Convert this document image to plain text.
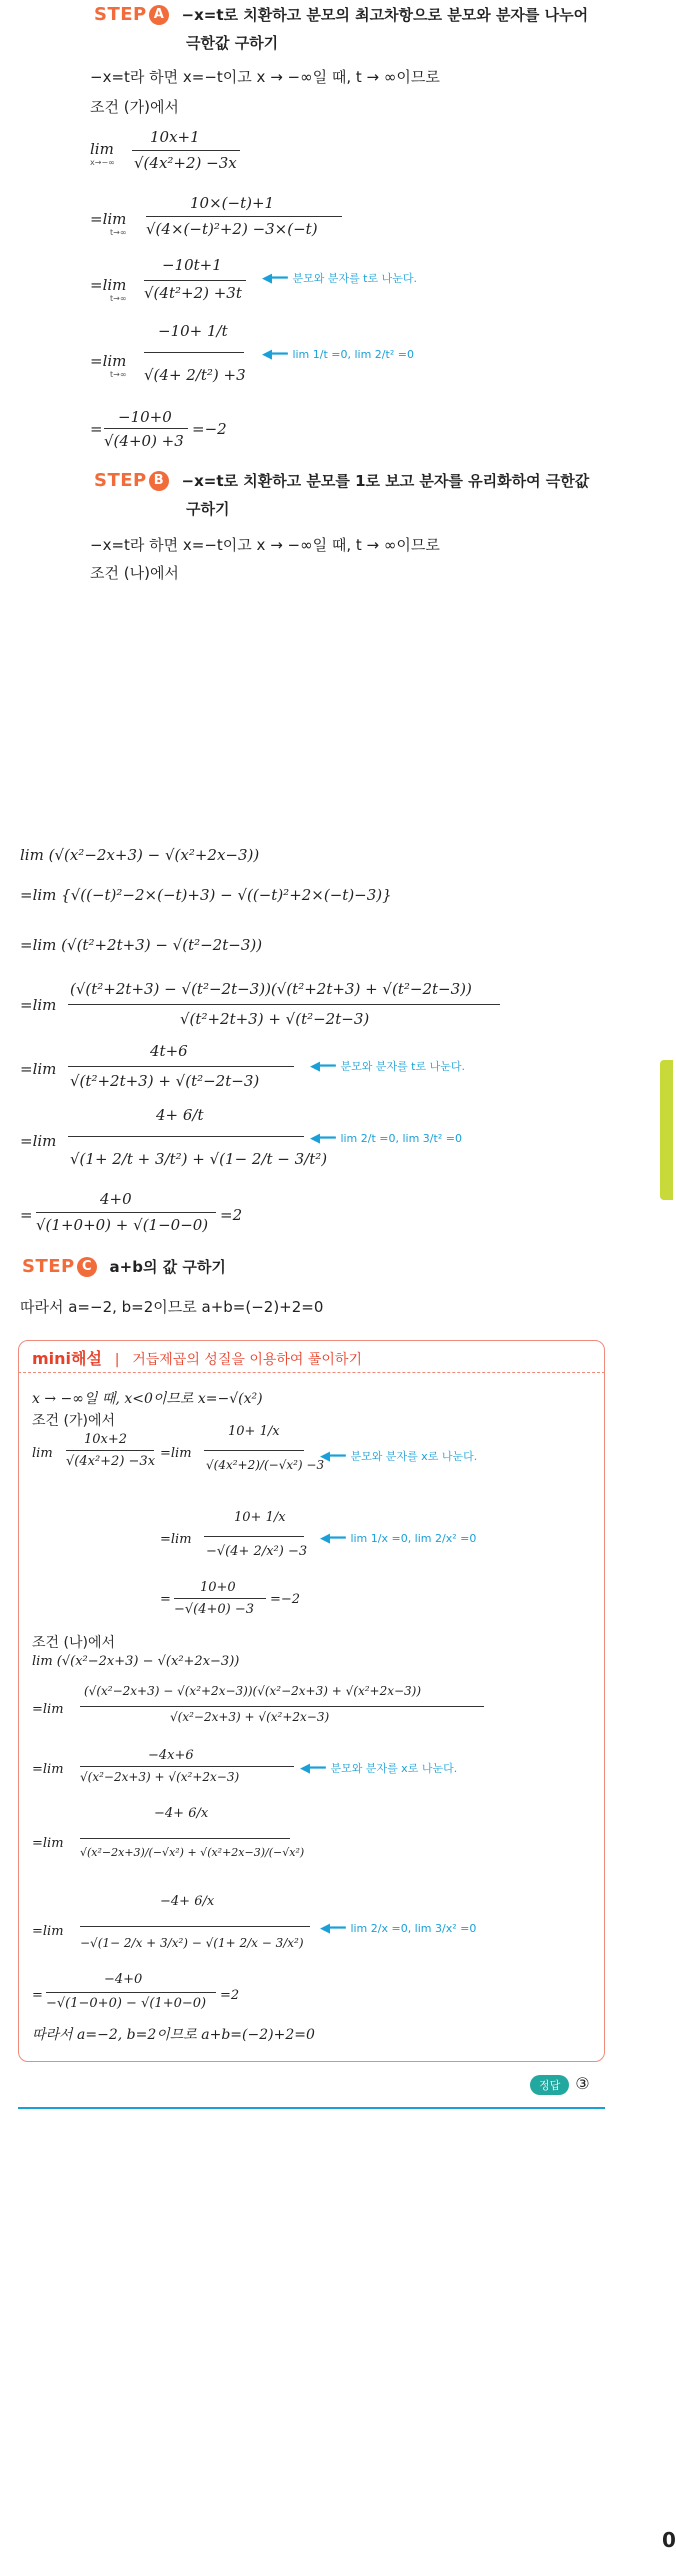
STEP A −x=t로 치환하고 분모의 최고차항으로 분모와 분자를 나누어
극한값 구하기
−x=t라 하면 x=−t이고 x → −∞일 때, t → ∞이므로
조건 (가)에서
lim
x→−∞
10x+1
√(4x²+2) −3x
=lim
t→∞
10×(−t)+1
√(4×(−t)²+2) −3×(−t)
=lim
t→∞
−10t+1
√(4t²+2) +3t
◀━━ 분모와 분자를 t로 나눈다.
=lim
t→∞
−10+ 1/t
√(4+ 2/t²) +3
◀━━ lim 1/t =0, lim 2/t² =0
=
−10+0
√(4+0) +3
=−2
STEP B −x=t로 치환하고 분모를 1로 보고 분자를 유리화하여 극한값
구하기
−x=t라 하면 x=−t이고 x → −∞일 때, t → ∞이므로
조건 (나)에서
lim (√(x²−2x+3) − √(x²+2x−3))
=lim {√((−t)²−2×(−t)+3) − √((−t)²+2×(−t)−3)}
=lim (√(t²+2t+3) − √(t²−2t−3))
=lim
(√(t²+2t+3) − √(t²−2t−3))(√(t²+2t+3) + √(t²−2t−3))
√(t²+2t+3) + √(t²−2t−3)
=lim
4t+6
√(t²+2t+3) + √(t²−2t−3)
◀━━ 분모와 분자를 t로 나눈다.
=lim
4+ 6/t
√(1+ 2/t + 3/t²) + √(1− 2/t − 3/t²)
◀━━ lim 2/t =0, lim 3/t² =0
=
4+0
√(1+0+0) + √(1−0−0)
=2
STEP C a+b의 값 구하기
따라서 a=−2, b=2이므로 a+b=(−2)+2=0
mini해설 | 거듭제곱의 성질을 이용하여 풀이하기
x → −∞일 때, x<0이므로 x=−√(x²)
조건 (가)에서
lim
10x+2
√(4x²+2) −3x
=lim
10+ 1/x
√(4x²+2)/(−√x²) −3
◀━━ 분모와 분자를 x로 나눈다.
=lim
10+ 1/x
−√(4+ 2/x²) −3
◀━━ lim 1/x =0, lim 2/x² =0
=
10+0
−√(4+0) −3
=−2
조건 (나)에서
lim (√(x²−2x+3) − √(x²+2x−3))
=lim
(√(x²−2x+3) − √(x²+2x−3))(√(x²−2x+3) + √(x²+2x−3))
√(x²−2x+3) + √(x²+2x−3)
=lim
−4x+6
√(x²−2x+3) + √(x²+2x−3)
◀━━ 분모와 분자를 x로 나눈다.
=lim
−4+ 6/x
√(x²−2x+3)/(−√x²) + √(x²+2x−3)/(−√x²)
=lim
−4+ 6/x
−√(1− 2/x + 3/x²) − √(1+ 2/x − 3/x²)
◀━━ lim 2/x =0, lim 3/x² =0
=
−4+0
−√(1−0+0) − √(1+0−0)
=2
따라서 a=−2, b=2이므로 a+b=(−2)+2=0
정답 ③
0
